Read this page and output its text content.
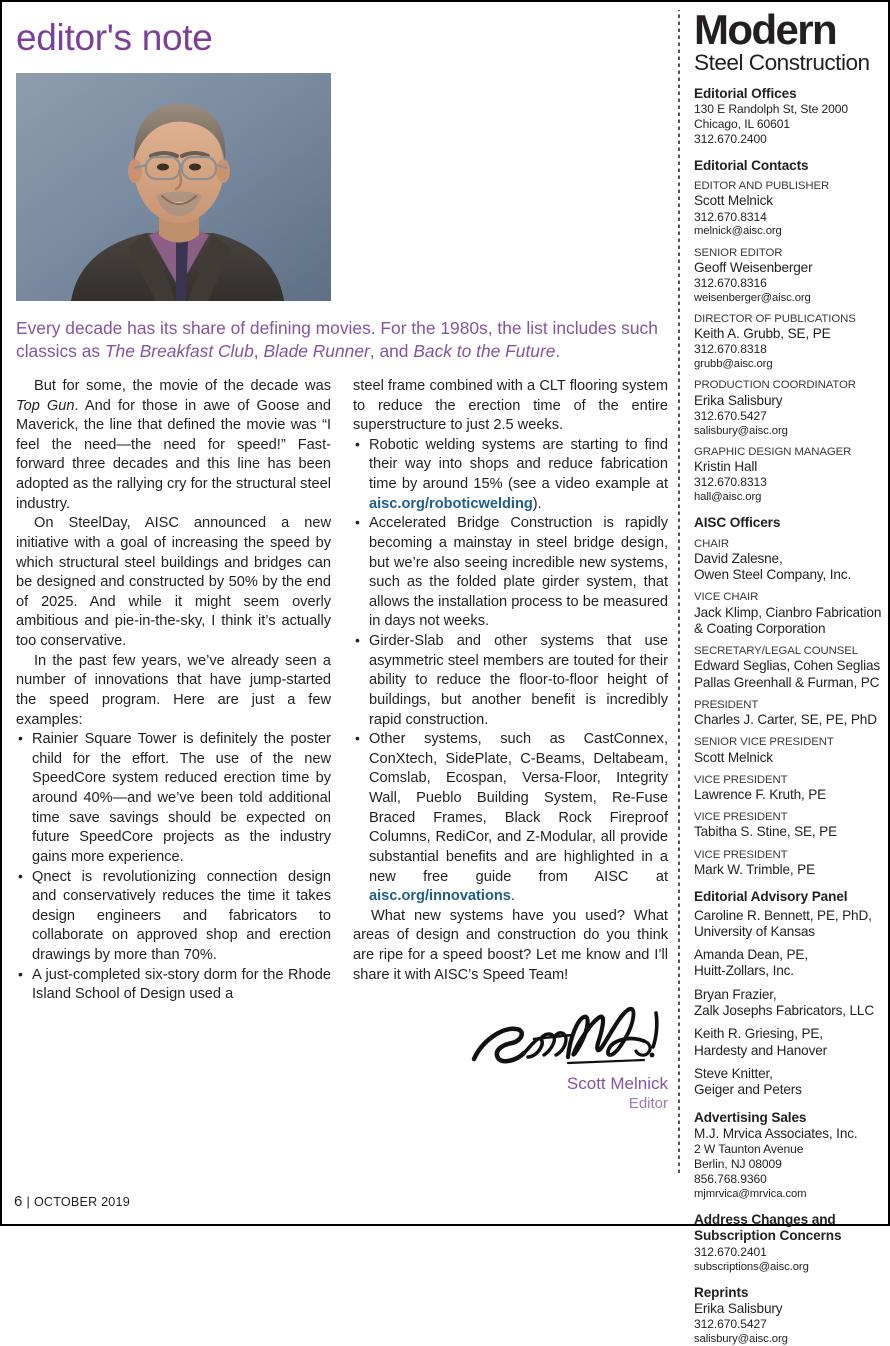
editor's note
Every decade has its share of defining movies. For the 1980s, the list includes such classics as The Breakfast Club, Blade Runner, and Back to the Future.

But for some, the movie of the decade was Top Gun. And for those in awe of Goose and Maverick, the line that defined the movie was “I feel the need—the need for speed!” Fast-forward three decades and this line has been adopted as the rallying cry for the structural steel industry.

On SteelDay, AISC announced a new initiative with a goal of increasing the speed by which structural steel buildings and bridges can be designed and constructed by 50% by the end of 2025. And while it might seem overly ambitious and pie-in-the-sky, I think it’s actually too conservative.

In the past few years, we’ve already seen a number of innovations that have jump-started the speed program. Here are just a few examples:

• Rainier Square Tower is definitely the poster child for the effort. The use of the new SpeedCore system reduced erection time by around 40%—and we’ve been told additional time save savings should be expected on future SpeedCore projects as the industry gains more experience.
• Qnect is revolutionizing connection design and conservatively reduces the time it takes design engineers and fabricators to collaborate on approved shop and erection drawings by more than 70%.
• A just-completed six-story dorm for the Rhode Island School of Design used a

steel frame combined with a CLT flooring system to reduce the erection time of the entire superstructure to just 2.5 weeks.

• Robotic welding systems are starting to find their way into shops and reduce fabrication time by around 15% (see a video example at aisc.org/roboticwelding).
• Accelerated Bridge Construction is rapidly becoming a mainstay in steel bridge design, but we’re also seeing incredible new systems, such as the folded plate girder system, that allows the installation process to be measured in days not weeks.
• Girder-Slab and other systems that use asymmetric steel members are touted for their ability to reduce the floor-to-floor height of buildings, but another benefit is incredibly rapid construction.
• Other systems, such as CastConnex, ConXtech, SidePlate, C-Beams, Deltabeam, Comslab, Ecospan, Versa-Floor, Integrity Wall, Pueblo Building System, Re-Fuse Braced Frames, Black Rock Fireproof Columns, RediCor, and Z-Modular, all provide substantial benefits and are highlighted in a new free guide from AISC at aisc.org/innovations.

What new systems have you used? What areas of design and construction do you think are ripe for a speed boost? Let me know and I’ll share it with AISC’s Speed Team!

Scott Melnick
Editor
Modern
Steel Construction
Editorial Offices
130 E Randolph St, Ste 2000
Chicago, IL 60601
312.670.2400
Editorial Contacts
EDITOR AND PUBLISHER
Scott Melnick
312.670.8314
melnick@aisc.org
SENIOR EDITOR
Geoff Weisenberger
312.670.8316
weisenberger@aisc.org
DIRECTOR OF PUBLICATIONS
Keith A. Grubb, SE, PE
312.670.8318
grubb@aisc.org
PRODUCTION COORDINATOR
Erika Salisbury
312.670.5427
salisbury@aisc.org
GRAPHIC DESIGN MANAGER
Kristin Hall
312.670.8313
hall@aisc.org
AISC Officers
CHAIR
David Zalesne,
Owen Steel Company, Inc.
VICE CHAIR
Jack Klimp, Cianbro Fabrication
& Coating Corporation
SECRETARY/LEGAL COUNSEL
Edward Seglias, Cohen Seglias
Pallas Greenhall & Furman, PC
PRESIDENT
Charles J. Carter, SE, PE, PhD
SENIOR VICE PRESIDENT
Scott Melnick
VICE PRESIDENT
Lawrence F. Kruth, PE
VICE PRESIDENT
Tabitha S. Stine, SE, PE
VICE PRESIDENT
Mark W. Trimble, PE
Editorial Advisory Panel
Caroline R. Bennett, PE, PhD,
University of Kansas
Amanda Dean, PE,
Huitt-Zollars, Inc.
Bryan Frazier,
Zalk Josephs Fabricators, LLC
Keith R. Griesing, PE,
Hardesty and Hanover
Steve Knitter,
Geiger and Peters
Advertising Sales
M.J. Mrvica Associates, Inc.
2 W Taunton Avenue
Berlin, NJ 08009
856.768.9360
mjmrvica@mrvica.com
Address Changes and
Subscription Concerns
312.670.2401
subscriptions@aisc.org
Reprints
Erika Salisbury
312.670.5427
salisbury@aisc.org
6 | OCTOBER 2019
